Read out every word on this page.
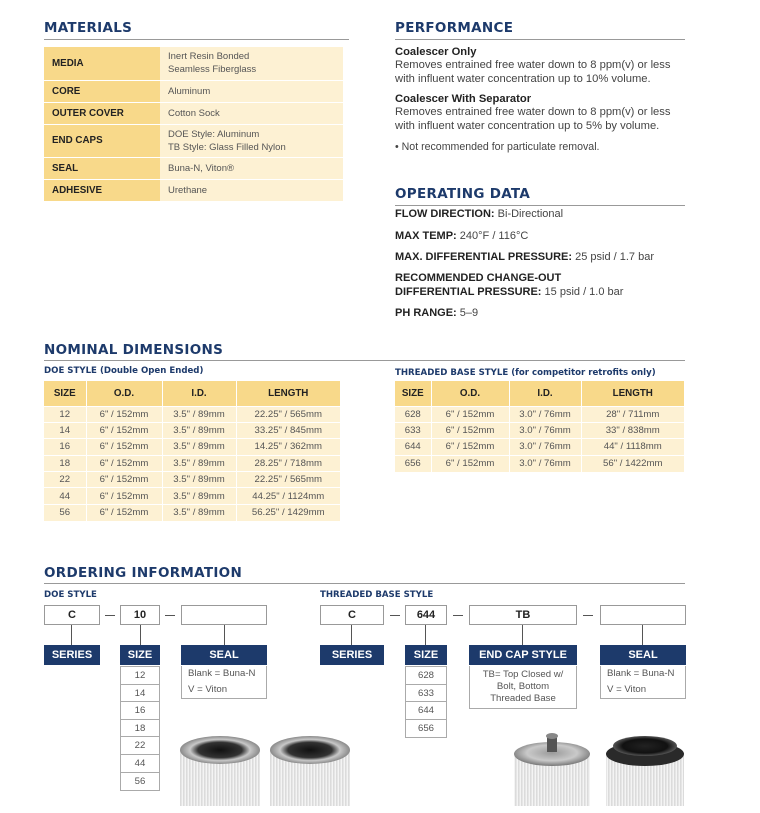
MATERIALS
MEDIA	Inert Resin Bonded
Seamless Fiberglass

CORE	Aluminum
OUTER COVER	Cotton Sock
END CAPS	DOE Style: Aluminum
TB Style: Glass Filled Nylon

SEAL	Buna-N, Viton®
ADHESIVE	Urethane
PERFORMANCE
Coalescer Only
Removes entrained free water down to 8 ppm(v) or less
with influent water concentration up to 10% volume.
Coalescer With Separator
Removes entrained free water down to 8 ppm(v) or less
with influent water concentration up to 5% by volume.
• Not recommended for particulate removal.
OPERATING DATA
FLOW DIRECTION: Bi-Directional
MAX TEMP: 240°F / 116°C
MAX. DIFFERENTIAL PRESSURE: 25 psid / 1.7 bar
RECOMMENDED CHANGE-OUT
DIFFERENTIAL PRESSURE: 15 psid / 1.0 bar
PH RANGE: 5–9
NOMINAL DIMENSIONS
DOE STYLE (Double Open Ended)
SIZE	O.D.	I.D.	LENGTH
12	6" / 152mm	3.5" / 89mm	22.25" / 565mm
14	6" / 152mm	3.5" / 89mm	33.25" / 845mm
16	6" / 152mm	3.5" / 89mm	14.25" / 362mm
18	6" / 152mm	3.5" / 89mm	28.25" / 718mm
22	6" / 152mm	3.5" / 89mm	22.25" / 565mm
44	6" / 152mm	3.5" / 89mm	44.25" / 1124mm
56	6" / 152mm	3.5" / 89mm	56.25" / 1429mm
THREADED BASE STYLE (for competitor retrofits only)
SIZE	O.D.	I.D.	LENGTH
628	6" / 152mm	3.0" / 76mm	28" / 711mm
633	6" / 152mm	3.0" / 76mm	33" / 838mm
644	6" / 152mm	3.0" / 76mm	44" / 1118mm
656	6" / 152mm	3.0" / 76mm	56" / 1422mm
ORDERING INFORMATION
DOE STYLE
C	10
SERIES	SIZE	SEAL
12
14
16
18
22
44
56
Blank = Buna-N
V = Viton
THREADED BASE STYLE
C	644	TB
SERIES	SIZE	END CAP STYLE	SEAL
628
633
644
656
TB= Top Closed w/
Bolt, Bottom
Threaded Base
Blank = Buna-N
V = Viton
